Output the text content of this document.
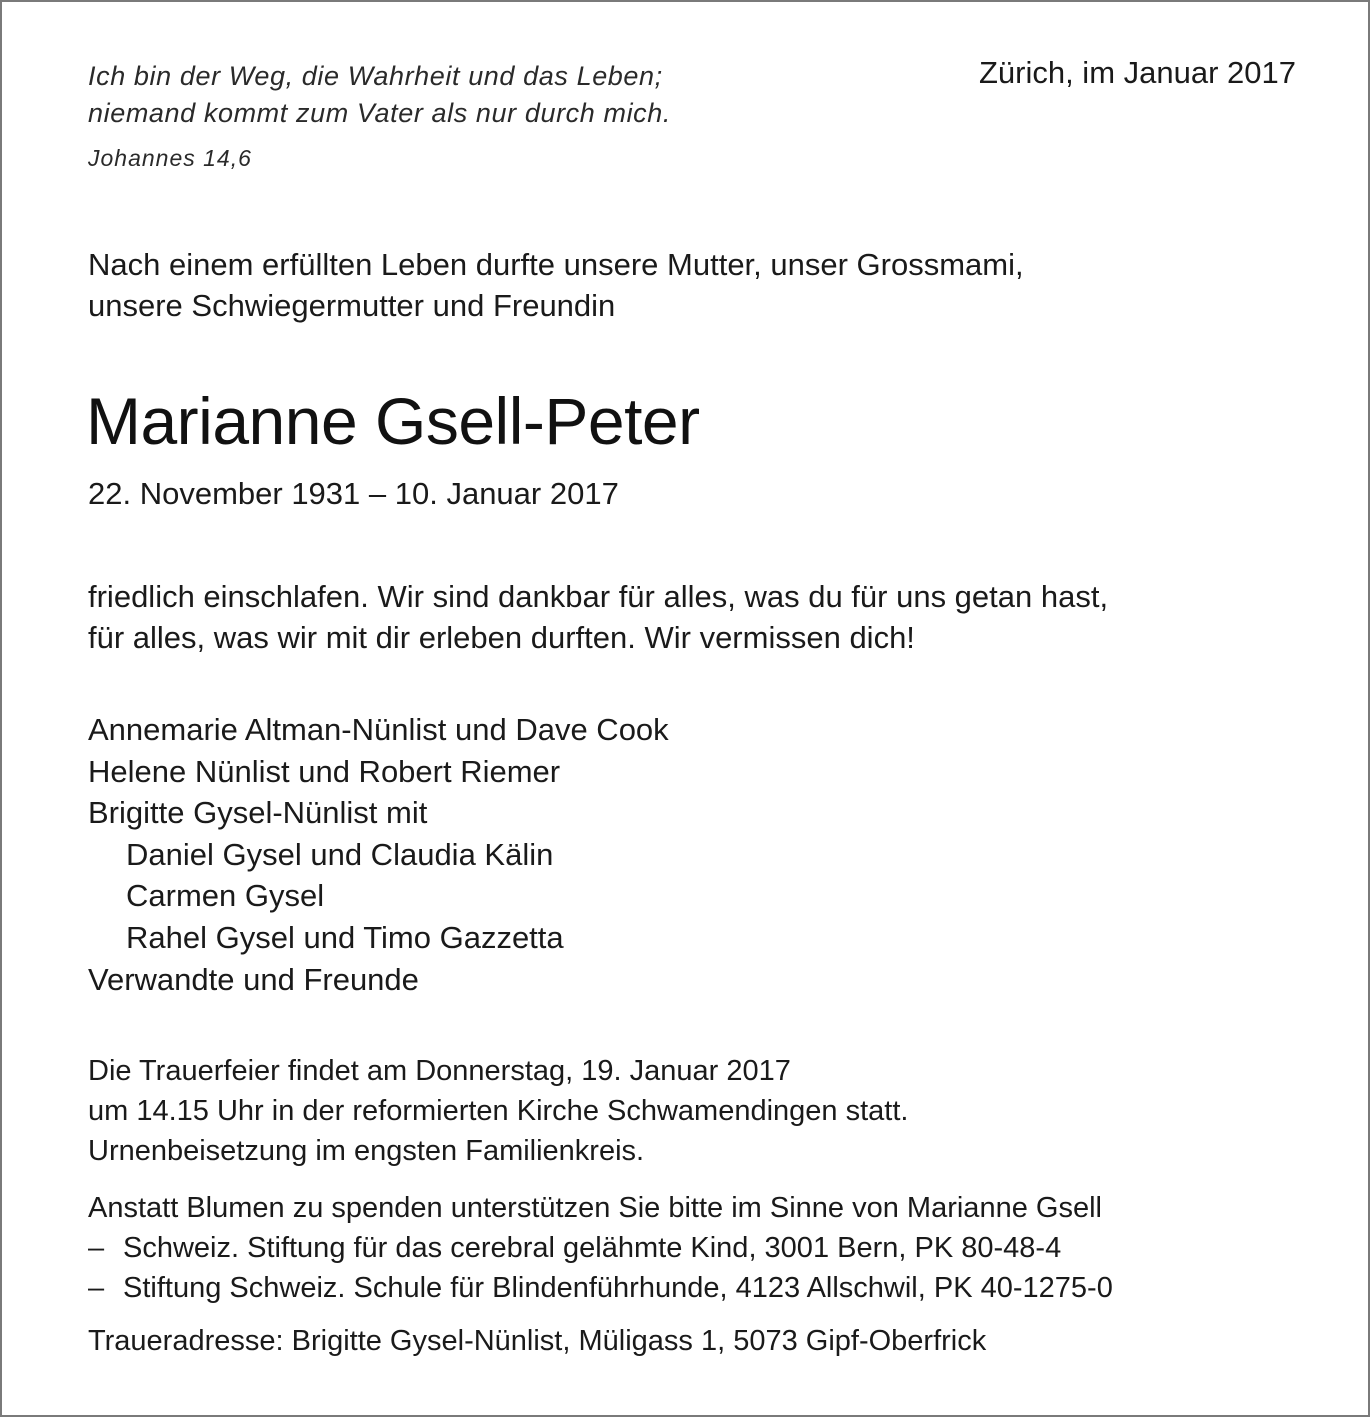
Ich bin der Weg, die Wahrheit und das Leben;
niemand kommt zum Vater als nur durch mich.
Johannes 14,6
Zürich, im Januar 2017
Nach einem erfüllten Leben durfte unsere Mutter, unser Grossmami,
unsere Schwiegermutter und Freundin
Marianne Gsell-Peter
22. November 1931 – 10. Januar 2017
friedlich einschlafen. Wir sind dankbar für alles, was du für uns getan hast,
für alles, was wir mit dir erleben durften. Wir vermissen dich!
Annemarie Altman-Nünlist und Dave Cook
Helene Nünlist und Robert Riemer
Brigitte Gysel-Nünlist mit
Daniel Gysel und Claudia Kälin
Carmen Gysel
Rahel Gysel und Timo Gazzetta
Verwandte und Freunde
Die Trauerfeier findet am Donnerstag, 19. Januar 2017
um 14.15 Uhr in der reformierten Kirche Schwamendingen statt.
Urnenbeisetzung im engsten Familienkreis.
Anstatt Blumen zu spenden unterstützen Sie bitte im Sinne von Marianne Gsell
– Schweiz. Stiftung für das cerebral gelähmte Kind, 3001 Bern, PK 80-48-4
– Stiftung Schweiz. Schule für Blindenführhunde, 4123 Allschwil, PK 40-1275-0
Traueradresse: Brigitte Gysel-Nünlist, Müligass 1, 5073 Gipf-Oberfrick
